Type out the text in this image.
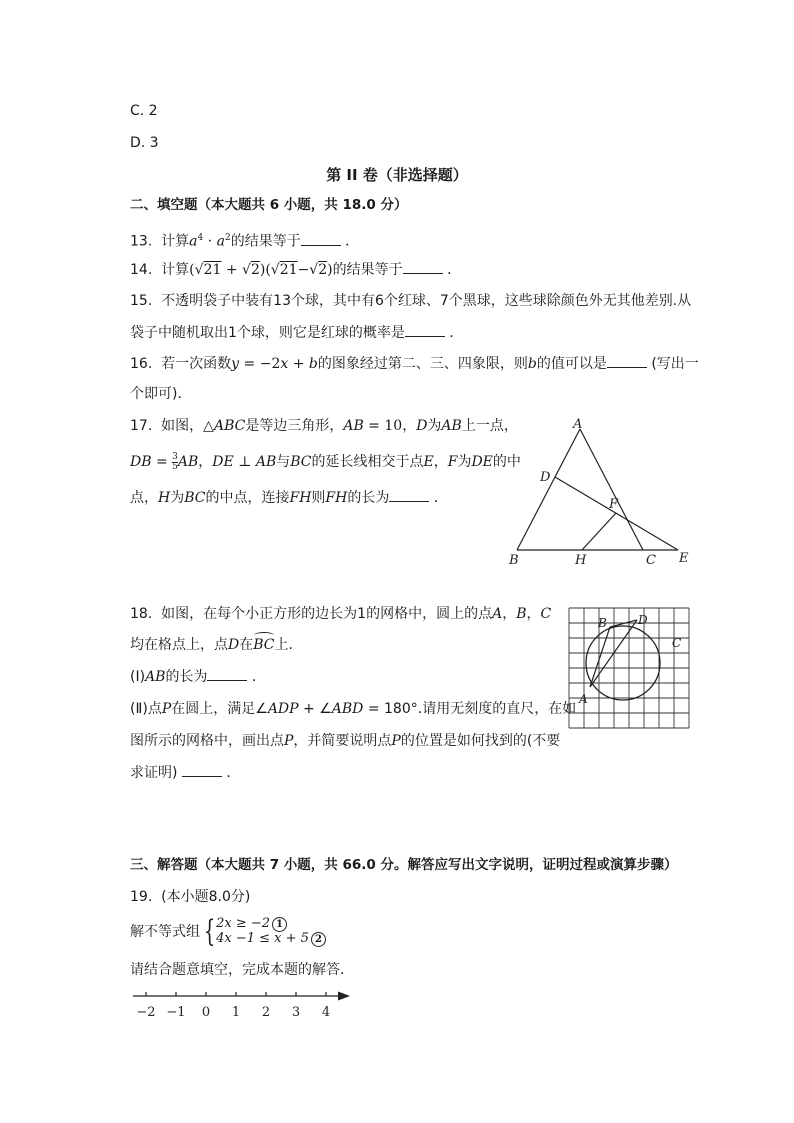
C. 2
D. 3
第 II 卷（非选择题）
二、填空题（本大题共 6 小题，共 18.0 分）
13. 计算$a^4 \cdot a^2$的结果等于	．
14. 计算(√21 + √2)(√21−√2)的结果等于	．
15. 不透明袋子中装有13个球，其中有6个红球、7个黑球，这些球除颜色外无其他差别.从
袋子中随机取出1个球，则它是红球的概率是	．
16. 若一次函数y = −2x + b的图象经过第二、三、四象限，则b的值可以是	(写出一
个即可)．
17. 如图，△ABC是等边三角形，AB = 10，D为AB上一点，
DB = $\frac{3}{5}$ AB，DE ⊥ AB与BC的延长线相交于点E，F为DE的中
点，H为BC的中点，连接FH则FH的长为	．
A
D
F
B	H	C E
18. 如图，在每个小正方形的边长为1的网格中，圆上的点A，B，C
均在格点上，点D在BC上.
(Ⅰ)AB的长为	．
(Ⅱ)点P在圆上，满足∠ADP + ∠ABD = 180°.请用无刻度的直尺，在如
图所示的网格中，画出点P，并简要说明点P的位置是如何找到的(不要
求证明)	．
A
B	D
C
三、解答题（本大题共 7 小题，共 66.0 分。解答应写出文字说明，证明过程或演算步骤）
19. (本小题8.0分)
解不等式组 { 2x ≥ −2 1
4x −1 ≤ x + 5 2
请结合题意填空，完成本题的解答．
−2 −1 0 1 2 3 4
